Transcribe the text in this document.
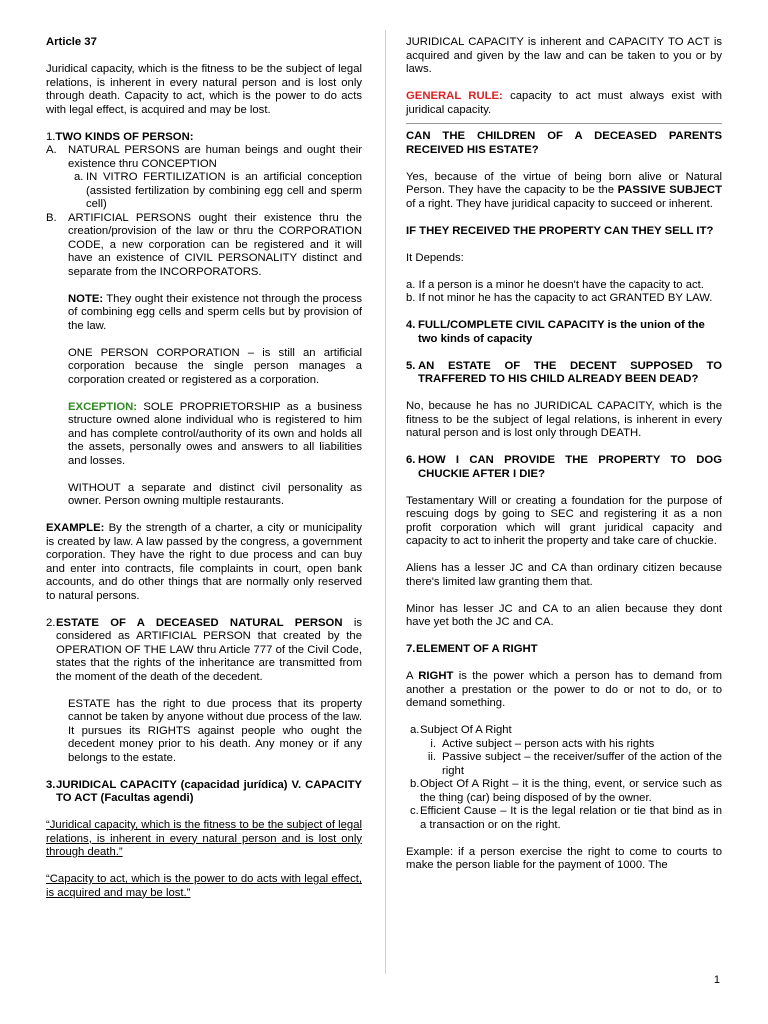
Article 37

Juridical capacity, which is the fitness to be the subject of legal relations, is inherent in every natural person and is lost only through death. Capacity to act, which is the power to do acts with legal effect, is acquired and may be lost.

1. TWO KINDS OF PERSON:
A.	NATURAL PERSONS are human beings and ought their existence thru CONCEPTION
a. IN VITRO FERTILIZATION is an artificial conception (assisted fertilization by combining egg cell and sperm cell)
B.	ARTIFICIAL PERSONS ought their existence thru the creation/provision of the law or thru the CORPORATION CODE, a new corporation can be registered and it will have an existence of CIVIL PERSONALITY distinct and separate from the INCORPORATORS.

NOTE: They ought their existence not through the process of combining egg cells and sperm cells but by provision of the law.

ONE PERSON CORPORATION – is still an artificial corporation because the single person manages a corporation created or registered as a corporation.

EXCEPTION: SOLE PROPRIETORSHIP as a business structure owned alone individual who is registered to him and has complete control/authority of its own and holds all the assets, personally owes and answers to all liabilities and losses.

WITHOUT a separate and distinct civil personality as owner. Person owning multiple restaurants.

EXAMPLE: By the strength of a charter, a city or municipality is created by law. A law passed by the congress, a government corporation. They have the right to due process and can buy and enter into contracts, file complaints in court, open bank accounts, and do other things that are normally only reserved to natural persons.

2. ESTATE OF A DECEASED NATURAL PERSON is considered as ARTIFICIAL PERSON that created by the OPERATION OF THE LAW thru Article 777 of the Civil Code, states that the rights of the inheritance are transmitted from the moment of the death of the decedent.

ESTATE has the right to due process that its property cannot be taken by anyone without due process of the law. It pursues its RIGHTS against people who ought the decedent money prior to his death. Any money or if any belongs to the estate.

3. JURIDICAL CAPACITY (capacidad jurídica) V. CAPACITY TO ACT (Facultas agendi)

“Juridical capacity, which is the fitness to be the subject of legal relations, is inherent in every natural person and is lost only through death.”

“Capacity to act, which is the power to do acts with legal effect, is acquired and may be lost.”

JURIDICAL CAPACITY is inherent and CAPACITY TO ACT is acquired and given by the law and can be taken to you or by laws.

GENERAL RULE: capacity to act must always exist with juridical capacity.

CAN THE CHILDREN OF A DECEASED PARENTS RECEIVED HIS ESTATE?

Yes, because of the virtue of being born alive or Natural Person. They have the capacity to be the PASSIVE SUBJECT of a right. They have juridical capacity to succeed or inherent.

IF THEY RECEIVED THE PROPERTY CAN THEY SELL IT?

It Depends:

a. If a person is a minor he doesn't have the capacity to act.

b. If not minor he has the capacity to act GRANTED BY LAW.

4. FULL/COMPLETE CIVIL CAPACITY is the union of the two kinds of capacity
5. AN ESTATE OF THE DECENT SUPPOSED TO TRAFFERED TO HIS CHILD ALREADY BEEN DEAD?

No, because he has no JURIDICAL CAPACITY, which is the fitness to be the subject of legal relations, is inherent in every natural person and is lost only through DEATH.

6. HOW I CAN PROVIDE THE PROPERTY TO DOG CHUCKIE AFTER I DIE?

Testamentary Will or creating a foundation for the purpose of rescuing dogs by going to SEC and registering it as a non profit corporation which will grant juridical capacity and capacity to act to inherit the property and take care of chuckie.

Aliens has a lesser JC and CA than ordinary citizen because there's limited law granting them that.

Minor has lesser JC and CA to an alien because they dont have yet both the JC and CA.

7. ELEMENT OF A RIGHT

A RIGHT is the power which a person has to demand from another a prestation or the power to do or not to do, or to demand something.

a. Subject Of A Right
i. Active subject – person acts with his rights
ii. Passive subject – the receiver/suffer of the action of the right
b. Object Of A Right – it is the thing, event, or service such as the thing (car) being disposed of by the owner.
c. Efficient Cause – It is the legal relation or tie that bind as in a transaction or on the right.

Example: if a person exercise the right to come to courts to make the person liable for the payment of 1000. The

1
